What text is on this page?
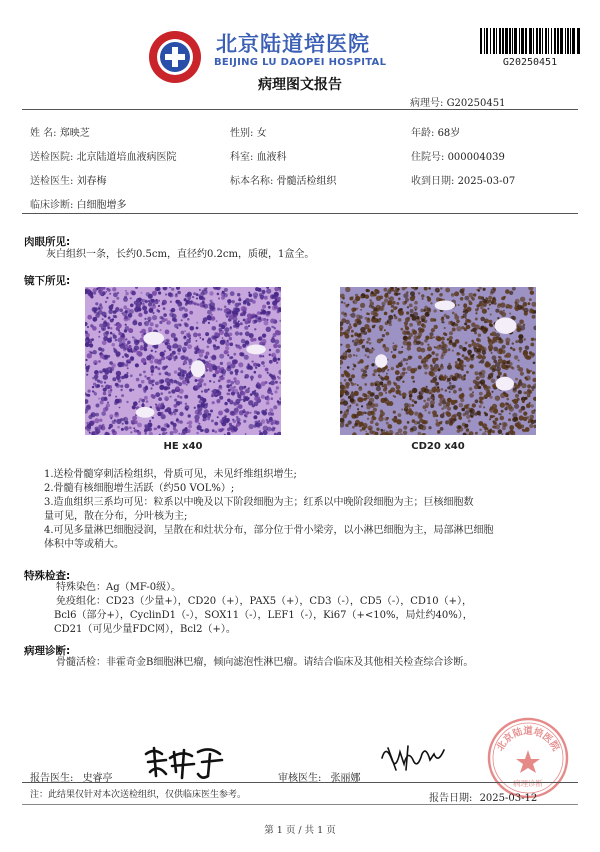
北京陆道培医院
BEIJING LU DAOPEI HOSPITAL
病理图文报告
G20250451
病理号: G20250451
姓 名: 郑映芝	性别: 女	年龄: 68岁
送检医院: 北京陆道培血液病医院	科室: 血液科	住院号: 000004039
送检医生: 刘春梅	标本名称: 骨髓活检组织	收到日期: 2025-03-07
临床诊断: 白细胞增多
肉眼所见:
灰白组织一条，长约0.5cm，直径约0.2cm，质硬，1盒全。
镜下所见:
HE x40	CD20 x40
1.送检骨髓穿刺活检组织，骨质可见，未见纤维组织增生;
2.骨髓有核细胞增生活跃（约50 VOL%）;
3.造血组织三系均可见：粒系以中晚及以下阶段细胞为主；红系以中晚阶段细胞为主；巨核细胞数
量可见，散在分布，分叶核为主;
4.可见多量淋巴细胞浸润，呈散在和灶状分布，部分位于骨小梁旁，以小淋巴细胞为主，局部淋巴细胞
体积中等或稍大。
特殊检查:
特殊染色：Ag（MF-0级）。
免疫组化：CD23（少量+），CD20（+），PAX5（+），CD3（-），CD5（-），CD10（+），
Bcl6（部分+），CyclinD1（-），SOX11（-），LEF1（-），Ki67（+<10%，局灶约40%），
CD21（可见少量FDC网），Bcl2（+）。
病理诊断:
骨髓活检：非霍奇金B细胞淋巴瘤，倾向滤泡性淋巴瘤。请结合临床及其他相关检查综合诊断。
北京陆道培医院
病理诊断
报告医生: 史睿亭	审核医生: 张丽娜
注：此结果仅针对本次送检组织，仅供临床医生参考。	报告日期: 2025-03-12
第 1 页 / 共 1 页
